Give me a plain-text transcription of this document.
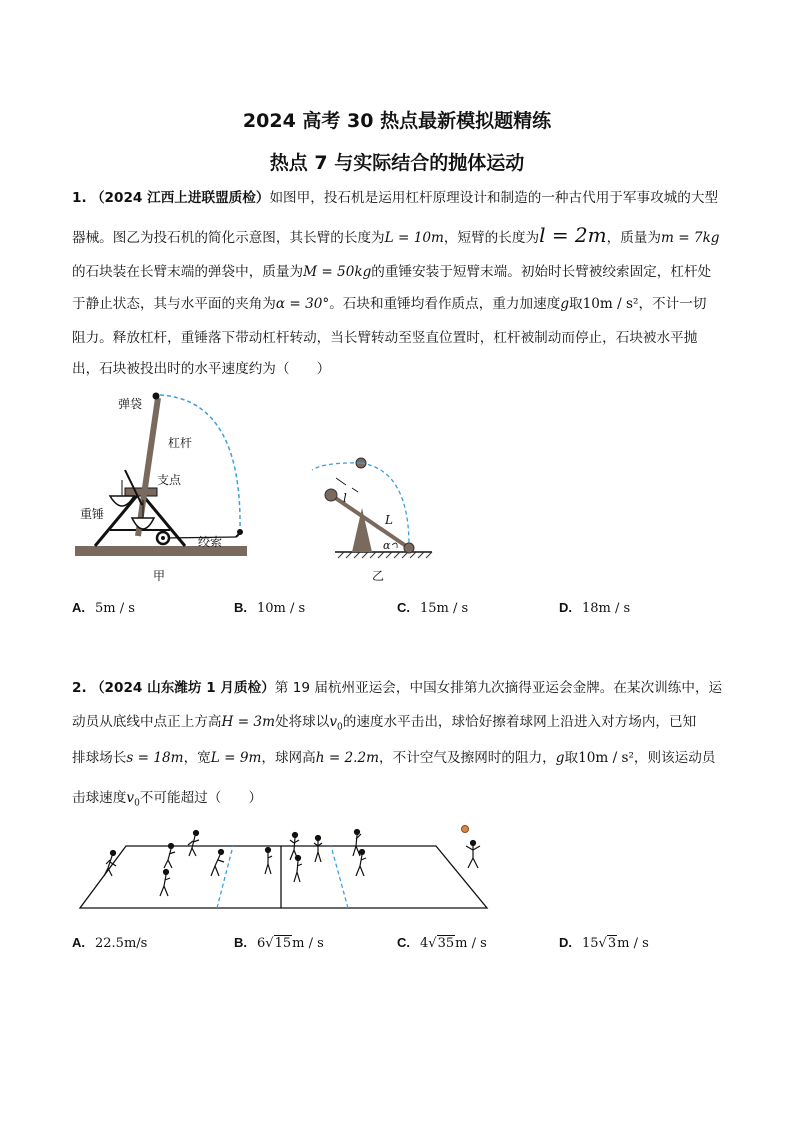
2024 高考 30 热点最新模拟题精练
热点 7 与实际结合的抛体运动
1. （2024 江西上进联盟质检）如图甲，投石机是运用杠杆原理设计和制造的一种古代用于军事攻城的大型
器械。图乙为投石机的简化示意图，其长臂的长度为L = 10m，短臂的长度为l = 2m，质量为m = 7kg
的石块装在长臂末端的弹袋中，质量为M = 50kg的重锤安装于短臂末端。初始时长臂被绞索固定，杠杆处
于静止状态，其与水平面的夹角为α = 30°。石块和重锤均看作质点，重力加速度g取10m / s²，不计一切
阻力。释放杠杆，重锤落下带动杠杆转动，当长臂转动至竖直位置时，杠杆被制动而停止，石块被水平抛
出，石块被投出时的水平速度约为（　　）
弹袋
杠杆
支点
重锤
绞索
甲
l
L
α
乙
A. 5m / s	B. 10m / s	C. 15m / s	D. 18m / s
2. （2024 山东潍坊 1 月质检）第 19 届杭州亚运会，中国女排第九次摘得亚运会金牌。在某次训练中，运
动员从底线中点正上方高H = 3m处将球以$v_0$的速度水平击出，球恰好擦着球网上沿进入对方场内，已知
排球场长s = 18m，宽L = 9m，球网高h = 2.2m，不计空气及擦网时的阻力，g取10m / s²，则该运动员
击球速度$v_0$不可能超过（　　）
A. 22.5m/s	B. 6√15m / s	C. 4√35m / s	D. 15√3m / s
